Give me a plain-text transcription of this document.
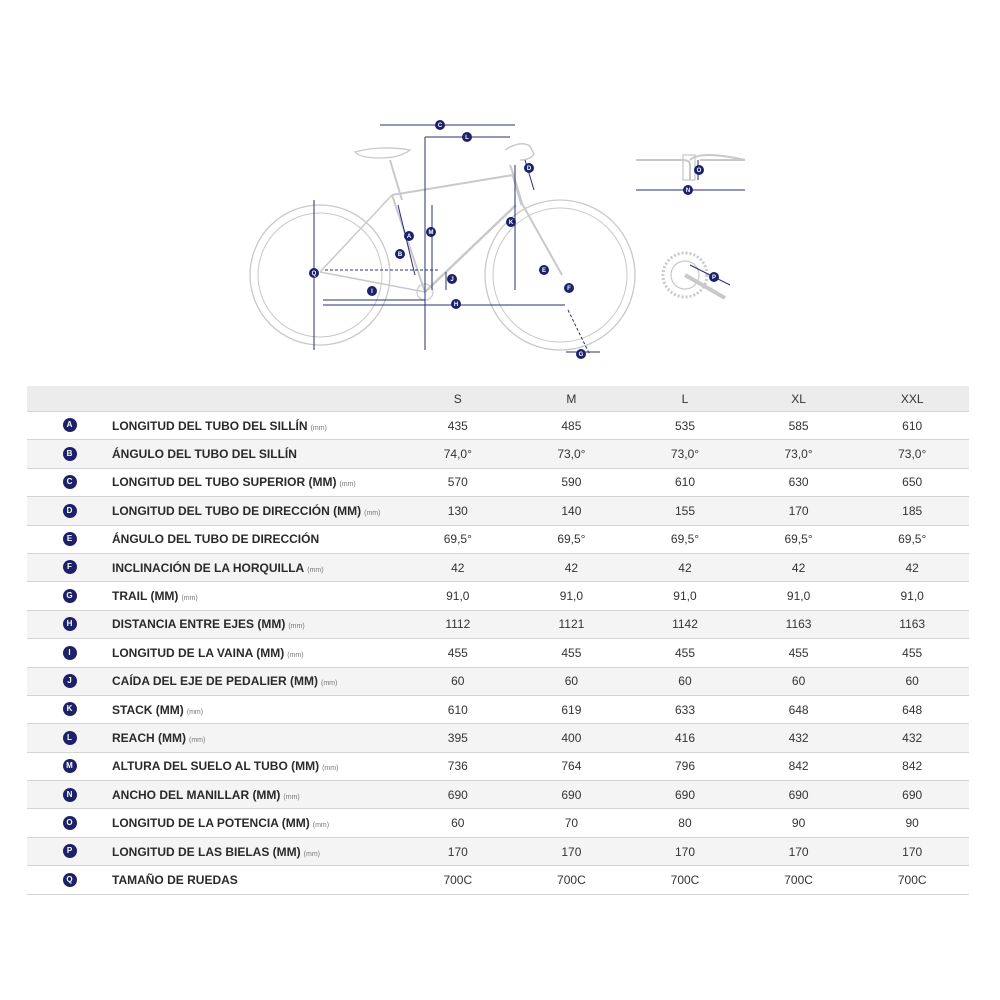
A
B
C
D
E
F
G
H
I
J
K
L
M
N
O
P
Q
		S	M	L	XL	XXL
A	LONGITUD DEL TUBO DEL SILLÍN (mm)	435	485	535	585	610
B	ÁNGULO DEL TUBO DEL SILLÍN	74,0°	73,0°	73,0°	73,0°	73,0°
C	LONGITUD DEL TUBO SUPERIOR (MM) (mm)	570	590	610	630	650
D	LONGITUD DEL TUBO DE DIRECCIÓN (MM) (mm)	130	140	155	170	185
E	ÁNGULO DEL TUBO DE DIRECCIÓN	69,5°	69,5°	69,5°	69,5°	69,5°
F	INCLINACIÓN DE LA HORQUILLA (mm)	42	42	42	42	42
G	TRAIL (MM) (mm)	91,0	91,0	91,0	91,0	91,0
H	DISTANCIA ENTRE EJES (MM) (mm)	1112	1121	1142	1163	1163
I	LONGITUD DE LA VAINA (MM) (mm)	455	455	455	455	455
J	CAÍDA DEL EJE DE PEDALIER (MM) (mm)	60	60	60	60	60
K	STACK (MM) (mm)	610	619	633	648	648
L	REACH (MM) (mm)	395	400	416	432	432
M	ALTURA DEL SUELO AL TUBO (MM) (mm)	736	764	796	842	842
N	ANCHO DEL MANILLAR (MM) (mm)	690	690	690	690	690
O	LONGITUD DE LA POTENCIA (MM) (mm)	60	70	80	90	90
P	LONGITUD DE LAS BIELAS (MM) (mm)	170	170	170	170	170
Q	TAMAÑO DE RUEDAS	700C	700C	700C	700C	700C
